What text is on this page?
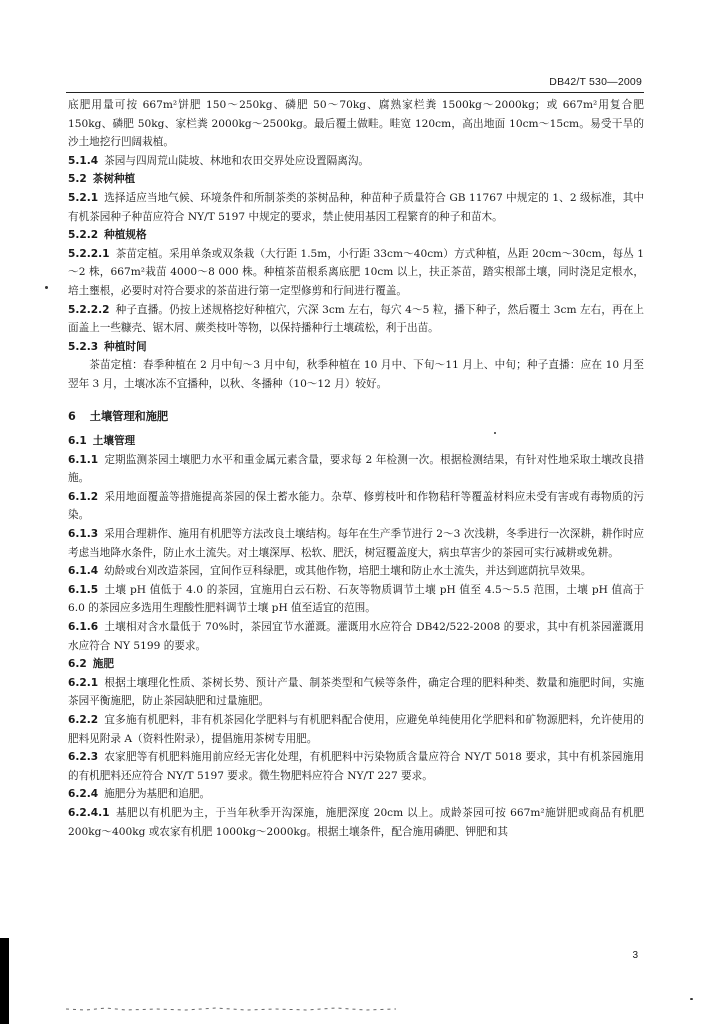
DB42/T 530—2009

底肥用量可按 667m²饼肥 150～250kg、磷肥 50～70kg、腐熟家栏粪 1500kg～2000kg；或 667m²用复合肥 150kg、磷肥 50kg、家栏粪 2000kg～2500kg。最后覆土做畦。畦宽 120cm，高出地面 10cm～15cm。易受干旱的沙土地挖行凹阔栽植。

5.1.4 茶园与四周荒山陡坡、林地和农田交界处应设置隔离沟。

5.2 茶树种植

5.2.1 选择适应当地气候、环境条件和所制茶类的茶树品种，种苗种子质量符合 GB 11767 中规定的 1、2 级标准，其中有机茶园种子种苗应符合 NY/T 5197 中规定的要求，禁止使用基因工程繁育的种子和苗木。

5.2.2 种植规格

5.2.2.1 茶苗定植。采用单条或双条栽（大行距 1.5m，小行距 33cm～40cm）方式种植，丛距 20cm～30cm，每丛 1～2 株，667m²栽苗 4000～8 000 株。种植茶苗根系离底肥 10cm 以上，扶正茶苗，踏实根部土壤，同时浇足定根水，培土壅根，必要时对符合要求的茶苗进行第一定型修剪和行间进行覆盖。

5.2.2.2 种子直播。仍按上述规格挖好种植穴，穴深 3cm 左右，每穴 4～5 粒，播下种子，然后覆土 3cm 左右，再在上面盖上一些糠壳、锯木屑、蕨类枝叶等物，以保持播种行土壤疏松，利于出苗。

5.2.3 种植时间

茶苗定植：春季种植在 2 月中旬～3 月中旬，秋季种植在 10 月中、下旬～11 月上、中旬；种子直播：应在 10 月至翌年 3 月，土壤冰冻不宜播种，以秋、冬播种（10～12 月）较好。

6 土壤管理和施肥

6.1 土壤管理

6.1.1 定期监测茶园土壤肥力水平和重金属元素含量，要求每 2 年检测一次。根据检测结果，有针对性地采取土壤改良措施。

6.1.2 采用地面覆盖等措施提高茶园的保土蓄水能力。杂草、修剪枝叶和作物秸秆等覆盖材料应未受有害或有毒物质的污染。

6.1.3 采用合理耕作、施用有机肥等方法改良土壤结构。每年在生产季节进行 2～3 次浅耕，冬季进行一次深耕，耕作时应考虑当地降水条件，防止水土流失。对土壤深厚、松软、肥沃，树冠覆盖度大，病虫草害少的茶园可实行减耕或免耕。

6.1.4 幼龄或台刈改造茶园，宜间作豆科绿肥，或其他作物，培肥土壤和防止水土流失，并达到遮荫抗旱效果。

6.1.5 土壤 pH 值低于 4.0 的茶园，宜施用白云石粉、石灰等物质调节土壤 pH 值至 4.5～5.5 范围，土壤 pH 值高于 6.0 的茶园应多选用生理酸性肥料调节土壤 pH 值至适宜的范围。

6.1.6 土壤相对含水量低于 70%时，茶园宜节水灌溉。灌溉用水应符合 DB42/522-2008 的要求，其中有机茶园灌溉用水应符合 NY 5199 的要求。

6.2 施肥

6.2.1 根据土壤理化性质、茶树长势、预计产量、制茶类型和气候等条件，确定合理的肥料种类、数量和施肥时间，实施茶园平衡施肥，防止茶园缺肥和过量施肥。

6.2.2 宜多施有机肥料，非有机茶园化学肥料与有机肥料配合使用，应避免单纯使用化学肥料和矿物源肥料，允许使用的肥料见附录 A（资料性附录），提倡施用茶树专用肥。

6.2.3 农家肥等有机肥料施用前应经无害化处理，有机肥料中污染物质含量应符合 NY/T 5018 要求，其中有机茶园施用的有机肥料还应符合 NY/T 5197 要求。微生物肥料应符合 NY/T 227 要求。

6.2.4 施肥分为基肥和追肥。

6.2.4.1 基肥以有机肥为主，于当年秋季开沟深施，施肥深度 20cm 以上。成龄茶园可按 667m²施饼肥或商品有机肥 200kg～400kg 或农家有机肥 1000kg～2000kg。根据土壤条件，配合施用磷肥、钾肥和其

3
